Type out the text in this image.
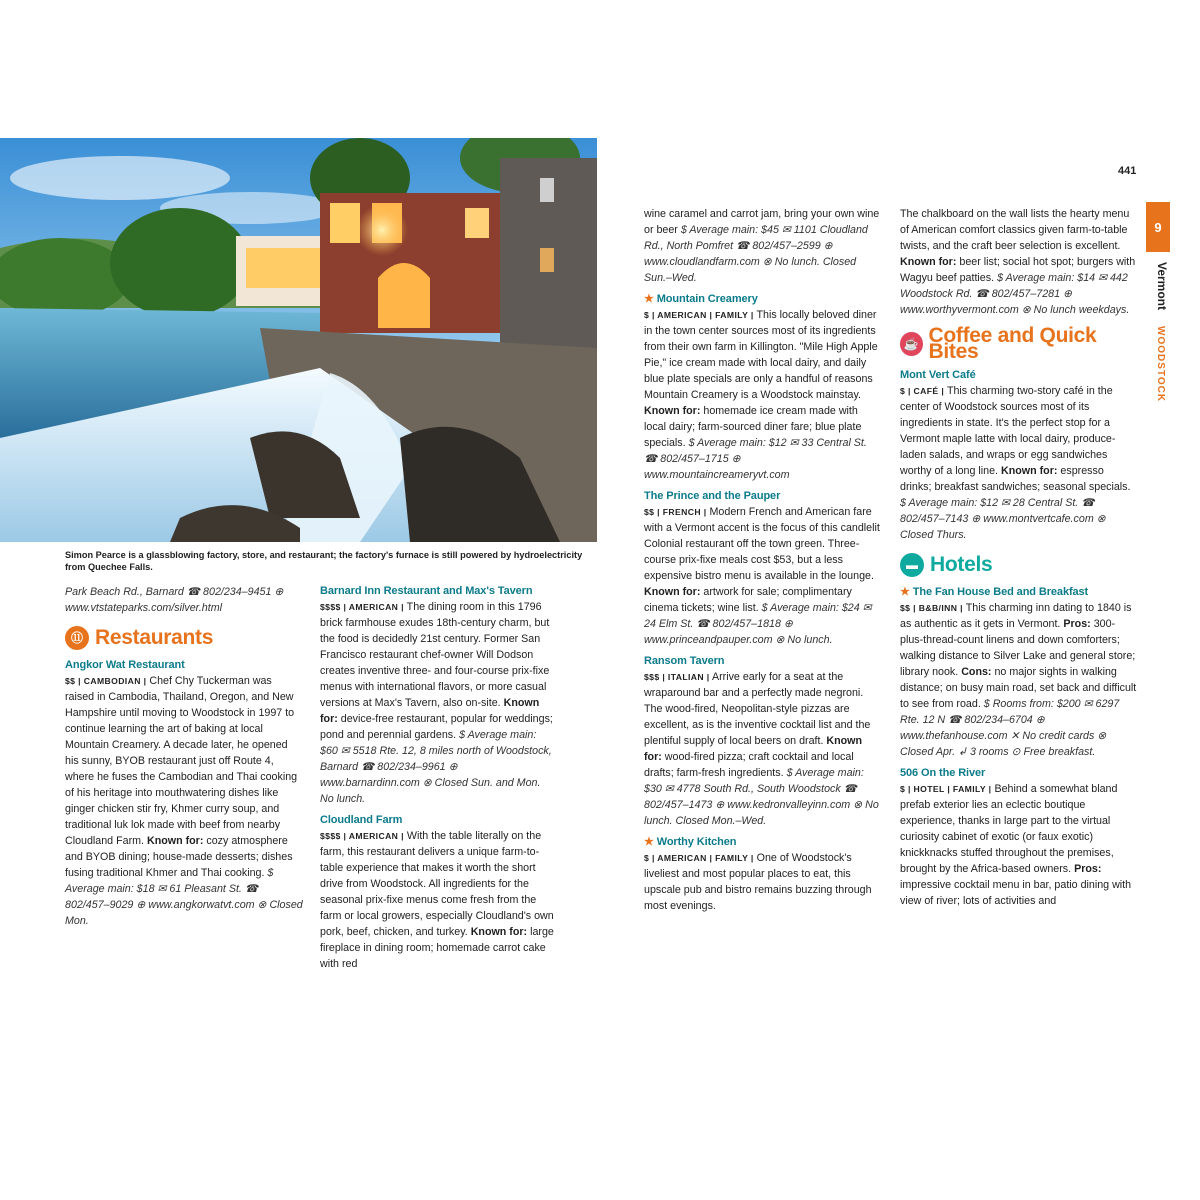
Simon Pearce is a glassblowing factory, store, and restaurant; the factory's furnace is still powered by hydroelectricity from Quechee Falls.

Park Beach Rd., Barnard ☎ 802/234–9451 ⊕ www.vtstateparks.com/silver.html

⑪ Restaurants
Angkor Wat Restaurant
$$ | CAMBODIAN | Chef Chy Tuckerman was raised in Cambodia, Thailand, Oregon, and New Hampshire until moving to Woodstock in 1997 to continue learning the art of baking at local Mountain Creamery. A decade later, he opened his sunny, BYOB restaurant just off Route 4, where he fuses the Cambodian and Thai cooking of his heritage into mouthwatering dishes like ginger chicken stir fry, Khmer curry soup, and traditional luk lok made with beef from nearby Cloudland Farm. Known for: cozy atmosphere and BYOB dining; house-made desserts; dishes fusing traditional Khmer and Thai cooking. $ Average main: $18 ✉ 61 Pleasant St. ☎ 802/457–9029 ⊕ www.angkorwatvt.com ⊗ Closed Mon.
Barnard Inn Restaurant and Max's Tavern
$$$$ | AMERICAN | The dining room in this 1796 brick farmhouse exudes 18th-century charm, but the food is decidedly 21st century. Former San Francisco restaurant chef-owner Will Dodson creates inventive three- and four-course prix-fixe menus with international flavors, or more casual versions at Max's Tavern, also on-site. Known for: device-free restaurant, popular for weddings; pond and perennial gardens. $ Average main: $60 ✉ 5518 Rte. 12, 8 miles north of Woodstock, Barnard ☎ 802/234–9961 ⊕ www.barnardinn.com ⊗ Closed Sun. and Mon. No lunch.
Cloudland Farm
$$$$ | AMERICAN | With the table literally on the farm, this restaurant delivers a unique farm-to-table experience that makes it worth the short drive from Woodstock. All ingredients for the seasonal prix-fixe menus come fresh from the farm or local growers, especially Cloudland's own pork, beef, chicken, and turkey. Known for: large fireplace in dining room; homemade carrot cake with red
wine caramel and carrot jam, bring your own wine or beer $ Average main: $45 ✉ 1101 Cloudland Rd., North Pomfret ☎ 802/457–2599 ⊕ www.cloudlandfarm.com ⊗ No lunch. Closed Sun.–Wed.
★ Mountain Creamery
$ | AMERICAN | FAMILY | This locally beloved diner in the town center sources most of its ingredients from their own farm in Killington. "Mile High Apple Pie," ice cream made with local dairy, and daily blue plate specials are only a handful of reasons Mountain Creamery is a Woodstock mainstay. Known for: homemade ice cream made with local dairy; farm-sourced diner fare; blue plate specials. $ Average main: $12 ✉ 33 Central St. ☎ 802/457–1715 ⊕ www.mountaincreameryvt.com
The Prince and the Pauper
$$ | FRENCH | Modern French and American fare with a Vermont accent is the focus of this candlelit Colonial restaurant off the town green. Three-course prix-fixe meals cost $53, but a less expensive bistro menu is available in the lounge. Known for: artwork for sale; complimentary cinema tickets; wine list. $ Average main: $24 ✉ 24 Elm St. ☎ 802/457–1818 ⊕ www.princeandpauper.com ⊗ No lunch.
Ransom Tavern
$$$ | ITALIAN | Arrive early for a seat at the wraparound bar and a perfectly made negroni. The wood-fired, Neopolitan-style pizzas are excellent, as is the inventive cocktail list and the plentiful supply of local beers on draft. Known for: wood-fired pizza; craft cocktail and local drafts; farm-fresh ingredients. $ Average main: $30 ✉ 4778 South Rd., South Woodstock ☎ 802/457–1473 ⊕ www.kedronvalleyinn.com ⊗ No lunch. Closed Mon.–Wed.
★ Worthy Kitchen
$ | AMERICAN | FAMILY | One of Woodstock's liveliest and most popular places to eat, this upscale pub and bistro remains buzzing through most evenings.
The chalkboard on the wall lists the hearty menu of American comfort classics given farm-to-table twists, and the craft beer selection is excellent. Known for: beer list; social hot spot; burgers with Wagyu beef patties. $ Average main: $14 ✉ 442 Woodstock Rd. ☎ 802/457–7281 ⊕ www.worthyvermont.com ⊗ No lunch weekdays.
☕ Coffee and Quick Bites
Mont Vert Café
$ | CAFÉ | This charming two-story café in the center of Woodstock sources most of its ingredients in state. It's the perfect stop for a Vermont maple latte with local dairy, produce-laden salads, and wraps or egg sandwiches worthy of a long line. Known for: espresso drinks; breakfast sandwiches; seasonal specials. $ Average main: $12 ✉ 28 Central St. ☎ 802/457–7143 ⊕ www.montvertcafe.com ⊗ Closed Thurs.
▬ Hotels
★ The Fan House Bed and Breakfast
$$ | B&B/INN | This charming inn dating to 1840 is as authentic as it gets in Vermont. Pros: 300-plus-thread-count linens and down comforters; walking distance to Silver Lake and general store; library nook. Cons: no major sights in walking distance; on busy main road, set back and difficult to see from road. $ Rooms from: $200 ✉ 6297 Rte. 12 N ☎ 802/234–6704 ⊕ www.thefanhouse.com ✕ No credit cards ⊗ Closed Apr. ↲ 3 rooms ⊙ Free breakfast.
506 On the River
$ | HOTEL | FAMILY | Behind a somewhat bland prefab exterior lies an eclectic boutique experience, thanks in large part to the virtual curiosity cabinet of exotic (or faux exotic) knickknacks stuffed throughout the premises, brought by the Africa-based owners. Pros: impressive cocktail menu in bar, patio dining with view of river; lots of activities and
441
9
Vermont
WOODSTOCK
